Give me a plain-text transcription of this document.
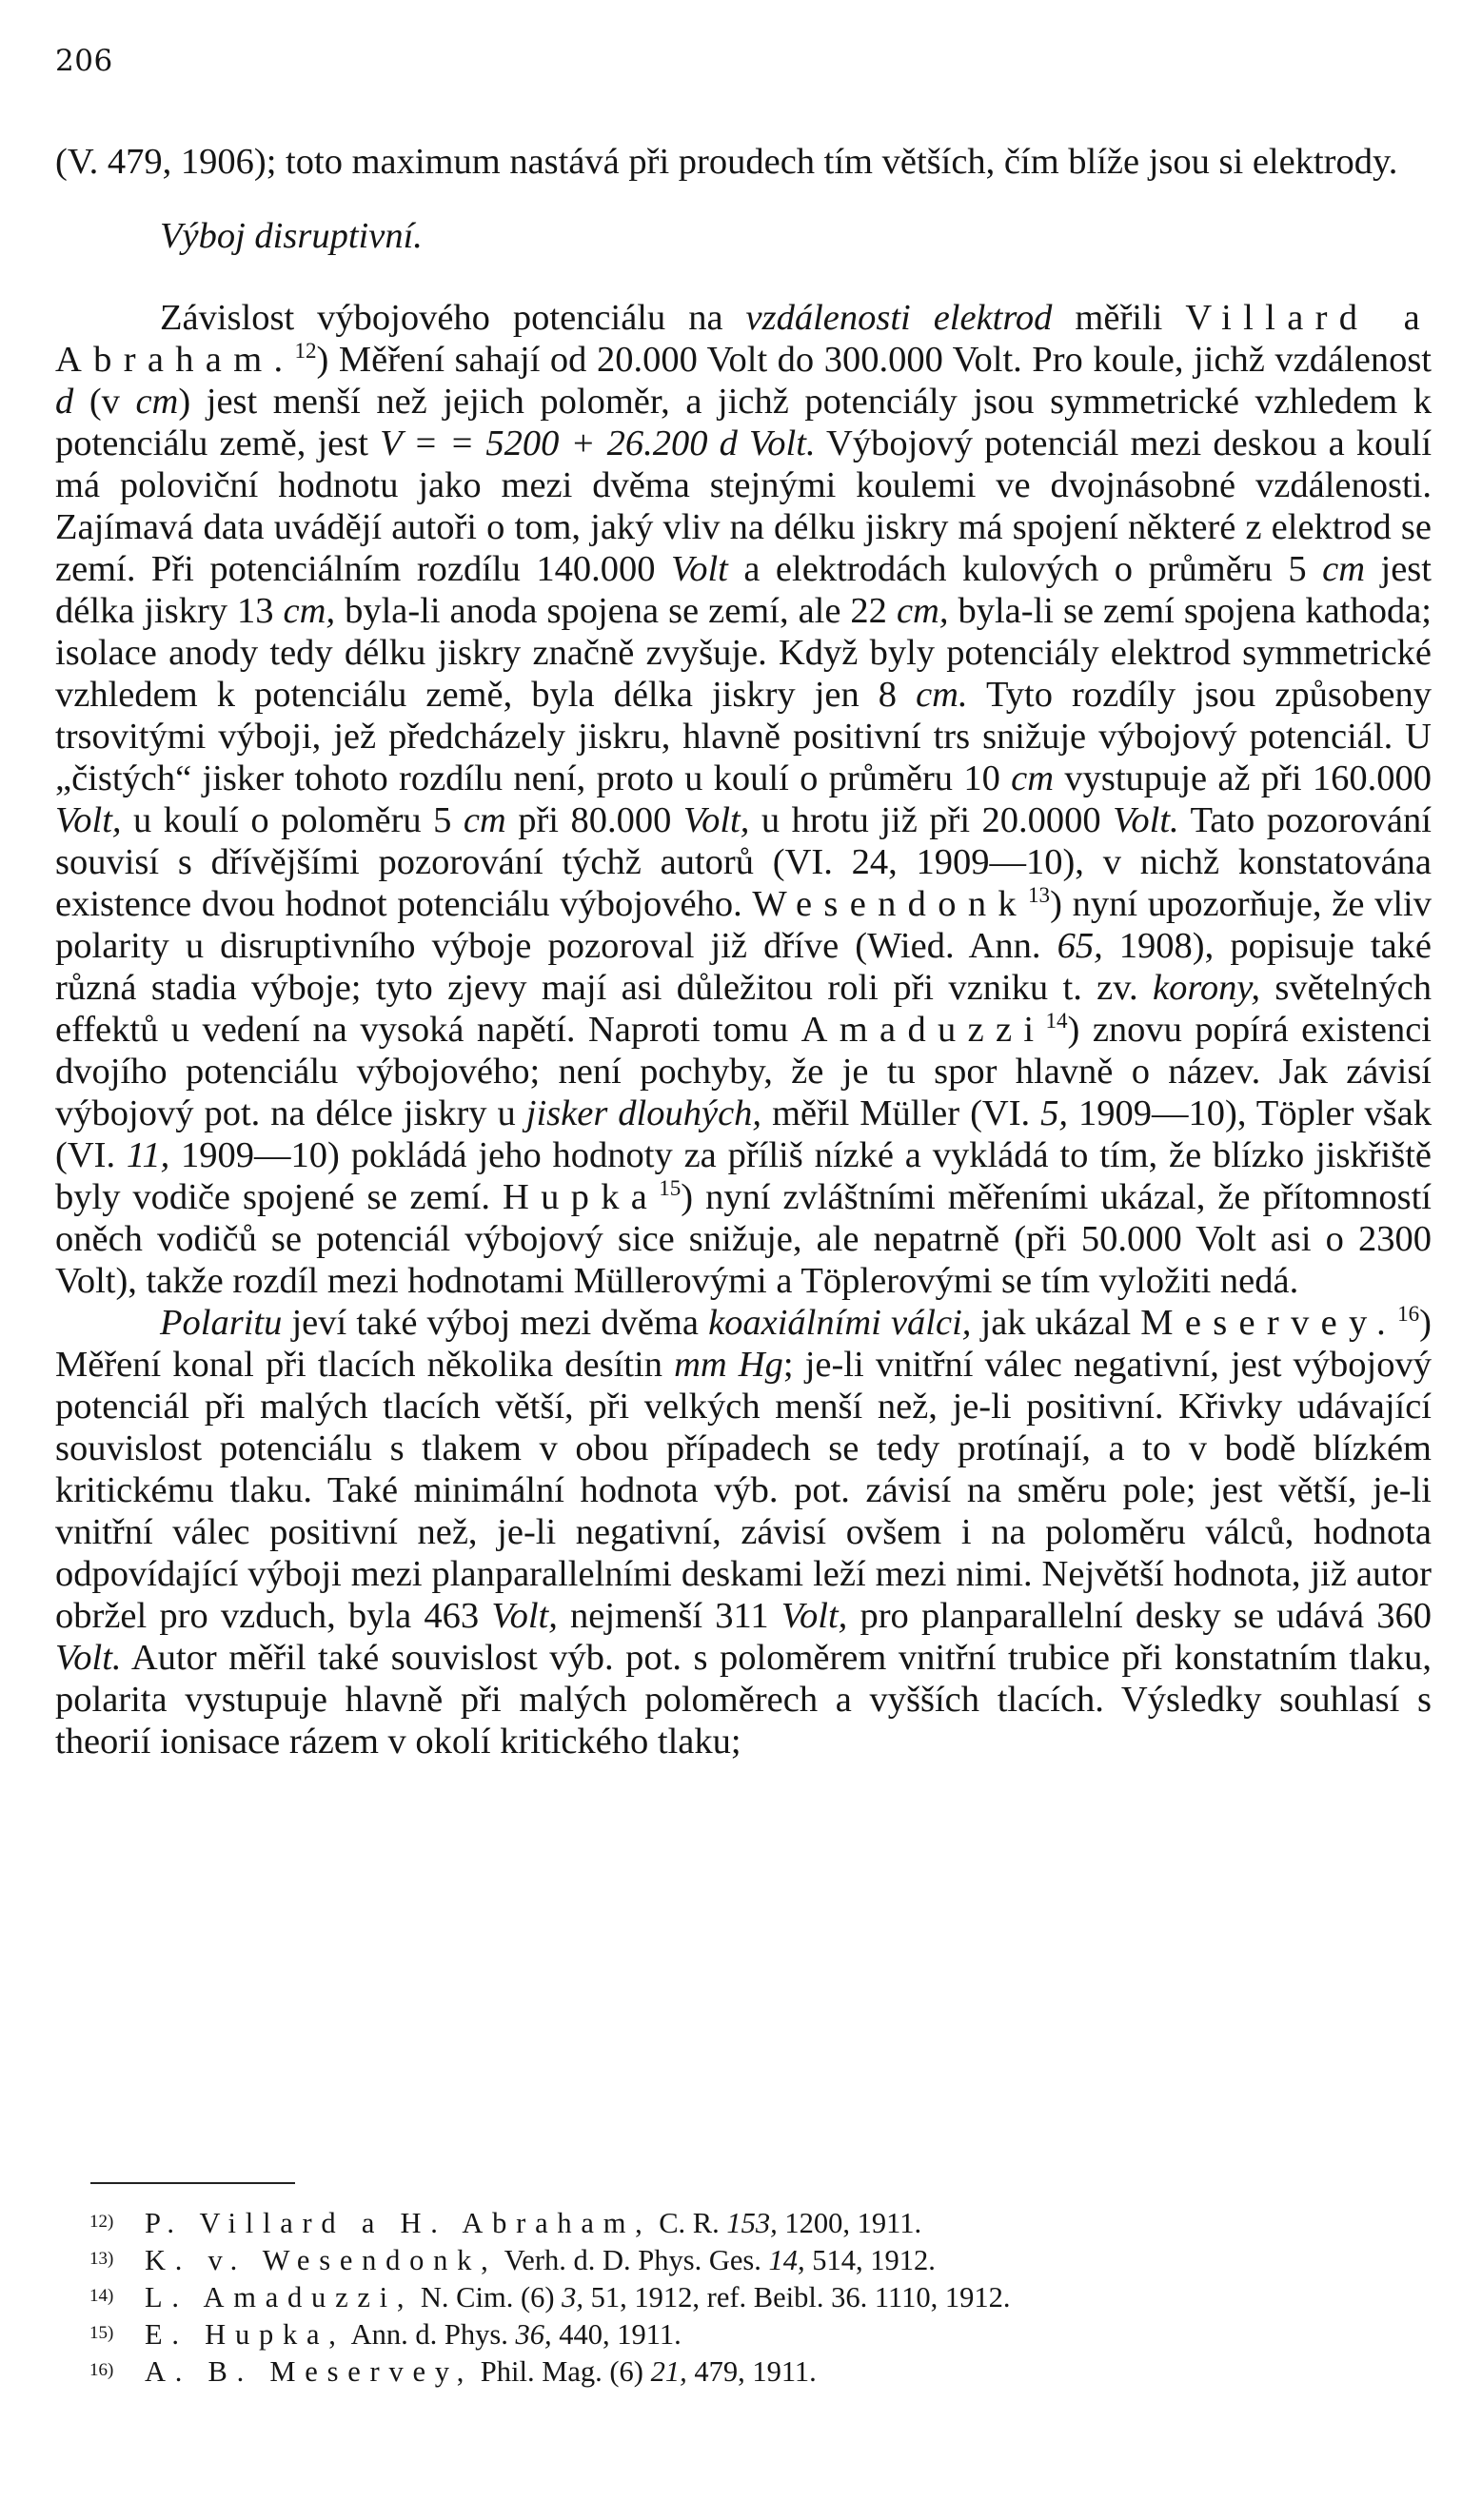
206

(V. 479, 1906); toto maximum nastává při proudech tím větších, čím blíže jsou si elektrody.

Výboj disruptivní.

Závislost výbojového potenciálu na vzdálenosti elektrod měřili Villard a Abraham.$^{12}$) Měření sahají od 20.000 Volt do 300.000 Volt. Pro koule, jichž vzdálenost d (v cm) jest menší než jejich poloměr, a jichž potenciály jsou symmetrické vzhledem k potenciálu země, jest V = = 5200 + 26.200 d Volt. Výbojový potenciál mezi deskou a koulí má poloviční hodnotu jako mezi dvěma stejnými koulemi ve dvojnásobné vzdálenosti. Zajímavá data uvádějí autoři o tom, jaký vliv na délku jiskry má spojení některé z elektrod se zemí. Při potenciálním rozdílu 140.000 Volt a elektrodách kulových o průměru 5 cm jest délka jiskry 13 cm, byla-li anoda spojena se zemí, ale 22 cm, byla-li se zemí spojena kathoda; isolace anody tedy délku jiskry značně zvyšuje. Když byly potenciály elektrod symmetrické vzhledem k potenciálu země, byla délka jiskry jen 8 cm. Tyto rozdíly jsou způsobeny trsovitými výboji, jež předcházely jiskru, hlavně positivní trs snižuje výbojový potenciál. U „čistých“ jisker tohoto rozdílu není, proto u koulí o průměru 10 cm vystupuje až při 160.000 Volt, u koulí o poloměru 5 cm při 80.000 Volt, u hrotu již při 20.0000 Volt. Tato pozorování souvisí s dřívějšími pozorování týchž autorů (VI. 24, 1909—10), v nichž konstatována existence dvou hodnot potenciálu výbojového. Wesendonk$^{13}$) nyní upozorňuje, že vliv polarity u disruptivního výboje pozoroval již dříve (Wied. Ann. 65, 1908), popisuje také různá stadia výboje; tyto zjevy mají asi důležitou roli při vzniku t. zv. korony, světelných effektů u vedení na vysoká napětí. Naproti tomu Amaduzzi$^{14}$) znovu popírá existenci dvojího potenciálu výbojového; není pochyby, že je tu spor hlavně o název. Jak závisí výbojový pot. na délce jiskry u jisker dlouhých, měřil Müller (VI. 5, 1909—10), Töpler však (VI. 11, 1909—10) pokládá jeho hodnoty za příliš nízké a vykládá to tím, že blízko jiskřiště byly vodiče spojené se zemí. Hupka$^{15}$) nyní zvláštními měřeními ukázal, že přítomností oněch vodičů se potenciál výbojový sice snižuje, ale nepatrně (při 50.000 Volt asi o 2300 Volt), takže rozdíl mezi hodnotami Müllerovými a Töplerovými se tím vyložiti nedá.

Polaritu jeví také výboj mezi dvěma koaxiálními válci, jak ukázal Meservey.$^{16}$) Měření konal při tlacích několika desítin mm Hg; je-li vnitřní válec negativní, jest výbojový potenciál při malých tlacích větší, při velkých menší než, je-li positivní. Křivky udávající souvislost potenciálu s tlakem v obou případech se tedy protínají, a to v bodě blízkém kritickému tlaku. Také minimální hodnota výb. pot. závisí na směru pole; jest větší, je-li vnitřní válec positivní než, je-li negativní, závisí ovšem i na poloměru válců, hodnota odpovídající výboji mezi planparallelními deskami leží mezi nimi. Největší hodnota, již autor obržel pro vzduch, byla 463 Volt, nejmenší 311 Volt, pro planparallelní desky se udává 360 Volt. Autor měřil také souvislost výb. pot. s poloměrem vnitřní trubice při konstatním tlaku, polarita vystupuje hlavně při malých poloměrech a vyšších tlacích. Výsledky souhlasí s theorií ionisace rázem v okolí kritického tlaku;

12) P. Villard a H. Abraham, C. R. 153, 1200, 1911.
13) K. v. Wesendonk, Verh. d. D. Phys. Ges. 14, 514, 1912.
14) L. Amaduzzi, N. Cim. (6) 3, 51, 1912, ref. Beibl. 36. 1110, 1912.
15) E. Hupka, Ann. d. Phys. 36, 440, 1911.
16) A. B. Meservey, Phil. Mag. (6) 21, 479, 1911.
